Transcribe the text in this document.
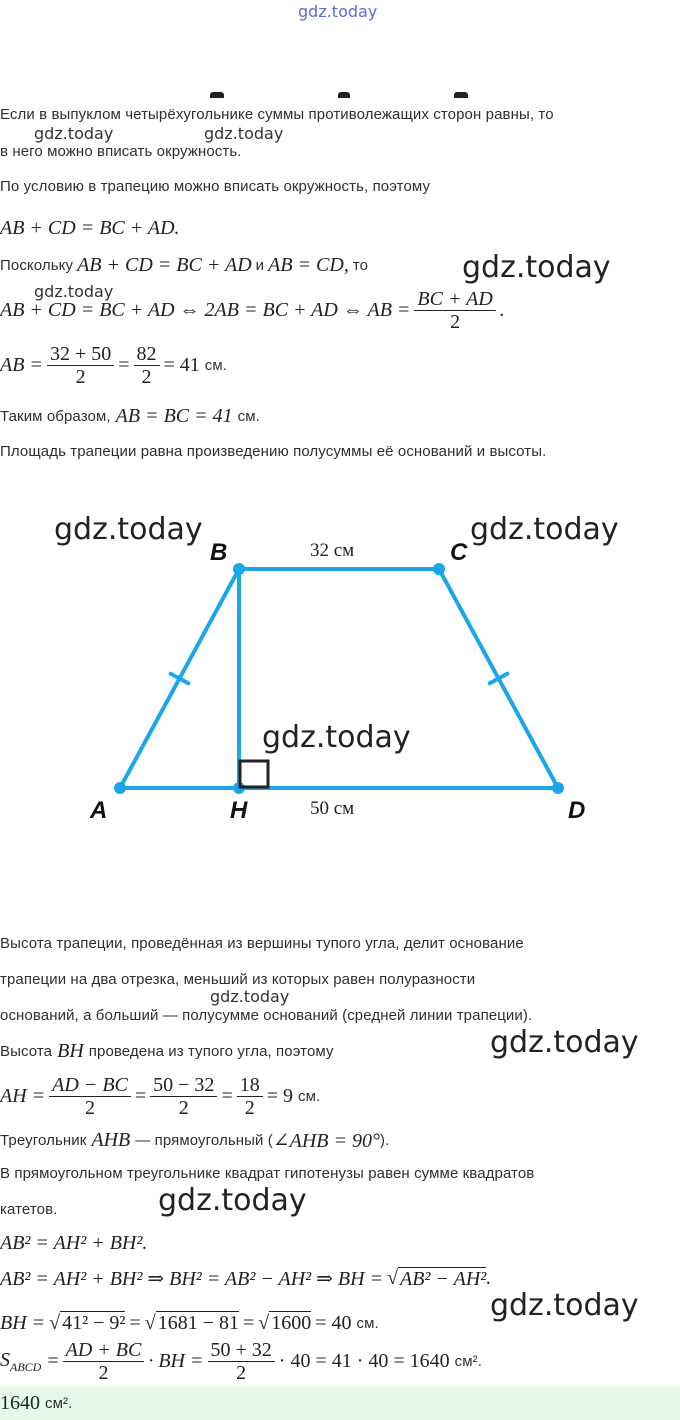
gdz.today
Если в выпуклом четырёхугольнике суммы противолежащих сторон равны, то
gdz.today	gdz.today
в него можно вписать окружность.
По условию в трапецию можно вписать окружность, поэтому
AB + CD = BC + AD.
Поскольку AB + CD = BC + AD и AB = CD, то	gdz.today
gdz.today
AB + CD = BC + AD ⇔ 2AB = BC + AD ⇔ AB = $\frac{BC + AD}{2}$ .
AB = $\frac{32 + 50}{2} = \frac{82}{2} = 41$ см.
Таким образом, AB = BC = 41 см.
Площадь трапеции равна произведению полусуммы её оснований и высоты.
A
B	C
D
H
32 см
50 см
gdz.today	gdz.today
gdz.today
Высота трапеции, проведённая из вершины тупого угла, делит основание
трапеции на два отрезка, меньший из которых равен полуразности
gdz.today
оснований, а больший — полусумме оснований (средней линии трапеции).
Высота BH проведена из тупого угла, поэтому	gdz.today
AH = $\frac{AD - BC}{2} = \frac{50 - 32}{2} = \frac{18}{2} = 9$ см.
Треугольник AHB — прямоугольный ( ∠AHB = 90° ).
В прямоугольном треугольнике квадрат гипотенузы равен сумме квадратов
gdz.today
катетов.
AB² = AH² + BH².
AB² = AH² + BH² ⇒ BH² = AB² − AH² ⇒ BH = √ AB² − AH² .
BH = √ 41² − 9² = √ 1681 − 81 = √ 1600 = 40 см.	gdz.today
$S_{ABCD} = \frac{AD + BC}{2}$ · BH = $\frac{50 + 32}{2} \cdot 40 = 41 \cdot 40 = 1640$ см².
1640 см².
